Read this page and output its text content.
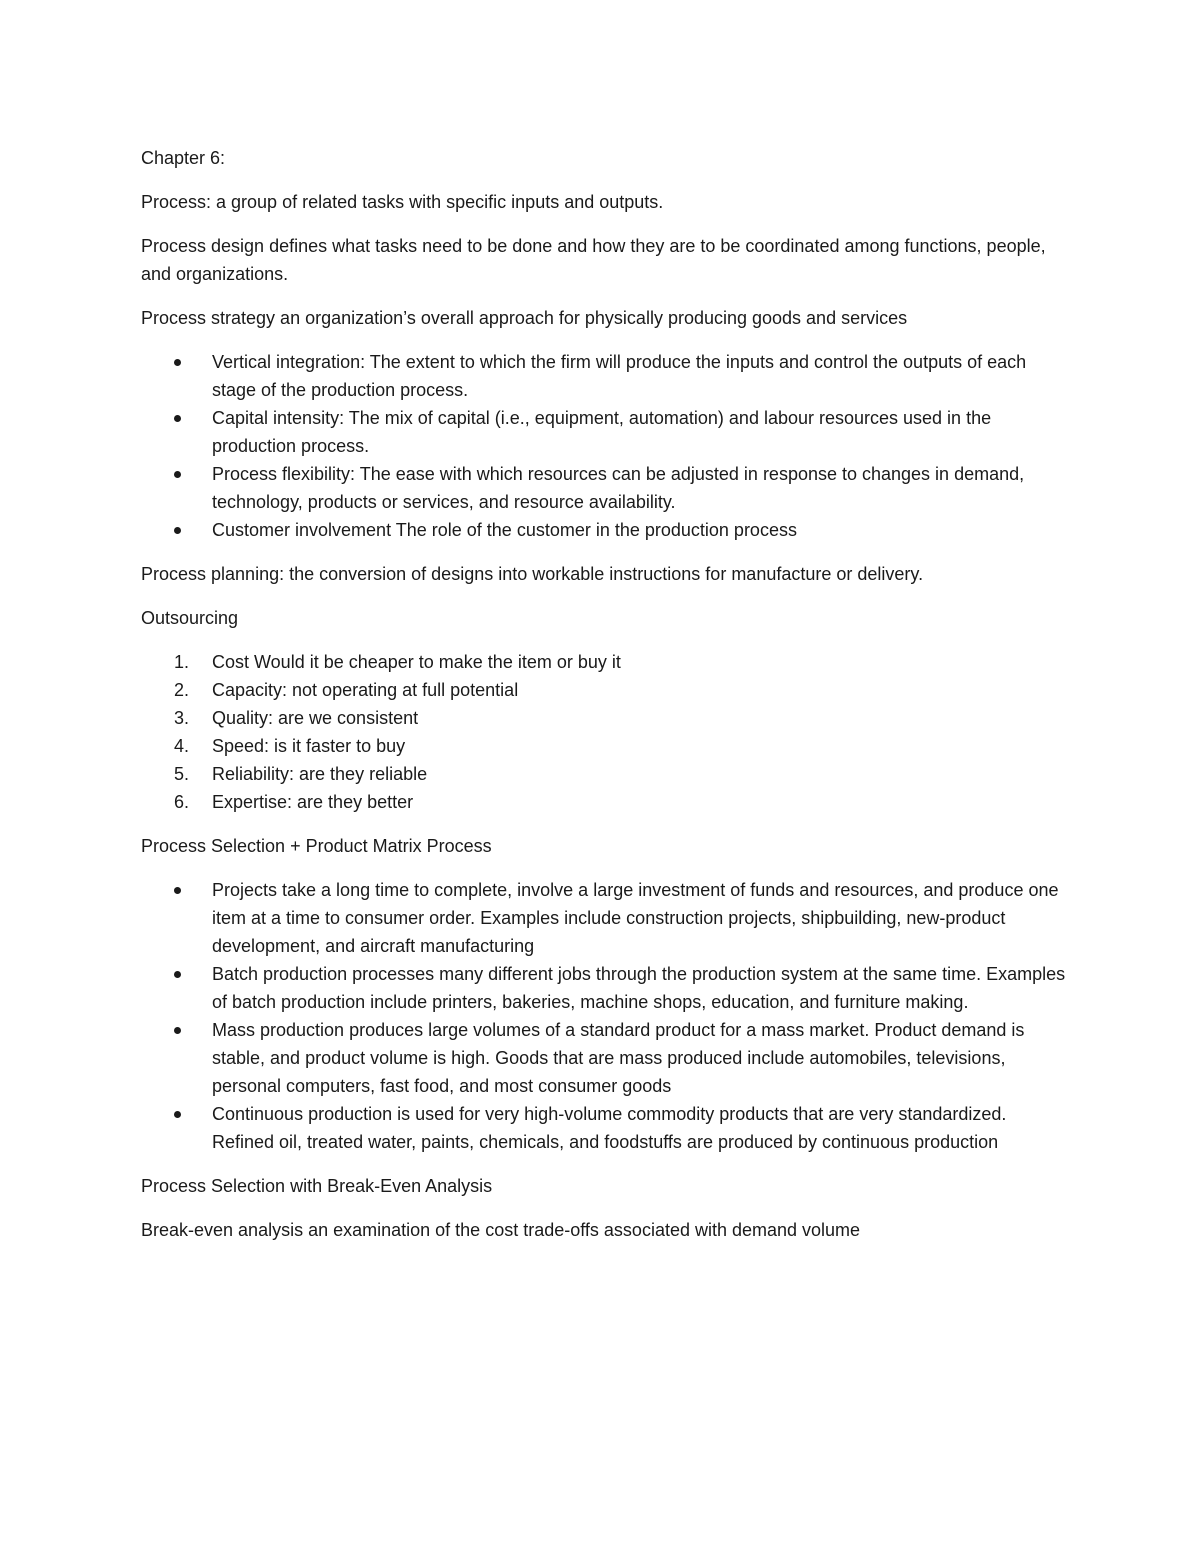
Chapter 6:

Process: a group of related tasks with specific inputs and outputs.

Process design defines what tasks need to be done and how they are to be coordinated among functions, people, and organizations.

Process strategy an organization’s overall approach for physically producing goods and services

Vertical integration: The extent to which the firm will produce the inputs and control the outputs of each stage of the production process.
Capital intensity: The mix of capital (i.e., equipment, automation) and labour resources used in the production process.
Process flexibility: The ease with which resources can be adjusted in response to changes in demand, technology, products or services, and resource availability.
Customer involvement The role of the customer in the production process

Process planning: the conversion of designs into workable instructions for manufacture or delivery.

Outsourcing

1. Cost Would it be cheaper to make the item or buy it
2. Capacity: not operating at full potential
3. Quality: are we consistent
4. Speed: is it faster to buy
5. Reliability: are they reliable
6. Expertise: are they better

Process Selection + Product Matrix Process

Projects take a long time to complete, involve a large investment of funds and resources, and produce one item at a time to consumer order. Examples include construction projects, shipbuilding, new-product development, and aircraft manufacturing
Batch production processes many different jobs through the production system at the same time. Examples of batch production include printers, bakeries, machine shops, education, and furniture making.
Mass production produces large volumes of a standard product for a mass market. Product demand is stable, and product volume is high. Goods that are mass produced include automobiles, televisions, personal computers, fast food, and most consumer goods
Continuous production is used for very high-volume commodity products that are very standardized. Refined oil, treated water, paints, chemicals, and foodstuffs are produced by continuous production

Process Selection with Break-Even Analysis

Break-even analysis an examination of the cost trade-offs associated with demand volume
